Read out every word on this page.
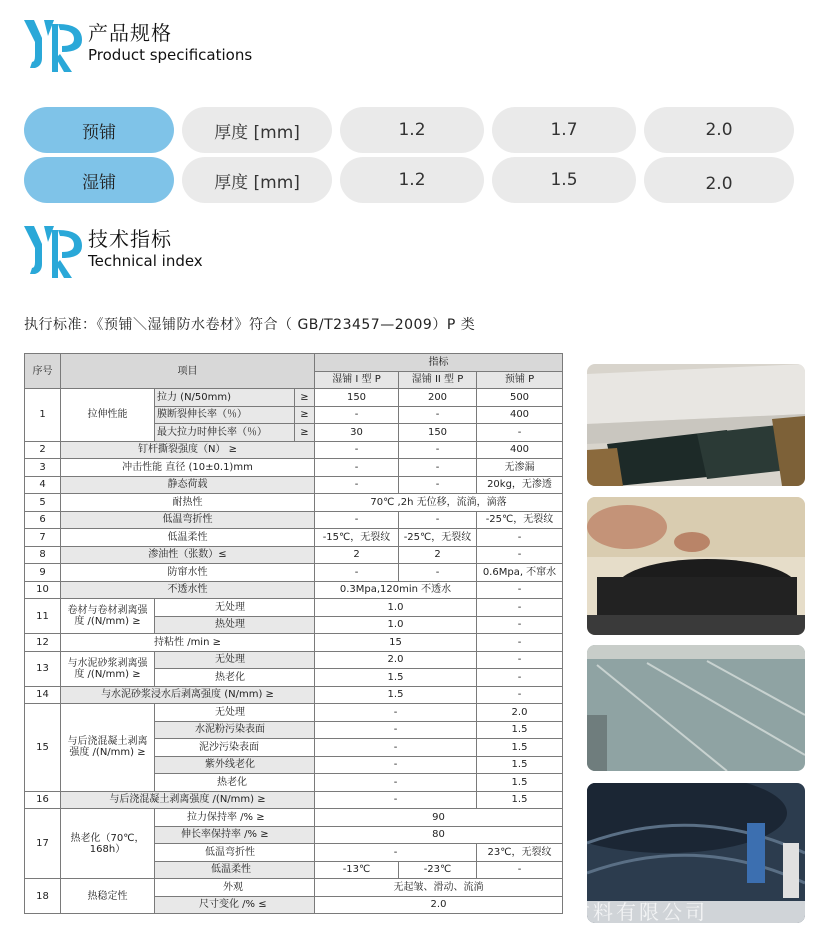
产品规格
Product specifications
预铺	厚度 [mm]	1.2	1.7	2.0
湿铺	厚度 [mm]	1.2	1.5	2.0
技术指标
Technical index
执行标准：《预铺＼湿铺防水卷材》符合（ GB/T23457—2009）P 类
序号	项目			指标		
				湿铺 I 型 P	湿铺 II 型 P	预铺 P
1	拉伸性能	拉力 (N/50mm)	≥	150	200	500
		膜断裂伸长率（％）	≥	-	-	400
		最大拉力时伸长率（％）	≥	30	150	-
2	钉杆撕裂强度（N） ≥			-	-	400
3	冲击性能 直径 (10±0.1)mm			-	-	无渗漏
4	静态荷载			-	-	20kg，无渗透
5	耐热性			70℃ ,2h 无位移，流淌，滴落		
6	低温弯折性			-	-	-25℃，无裂纹
7	低温柔性			-15℃，无裂纹	-25℃，无裂纹	-
8	渗油性（张数）≤			2	2	-
9	防窜水性			-	-	0.6Mpa, 不窜水
10	不透水性			0.3Mpa,120min 不透水		-
11	卷材与卷材剥离强度 /(N/mm) ≥	无处理		1.0		-
		热处理		1.0		-
12	持粘性 /min ≥			15		-
13	与水泥砂浆剥离强度 /(N/mm) ≥	无处理		2.0		-
		热老化		1.5		-
14	与水泥砂浆浸水后剥离强度 (N/mm) ≥			1.5		-
15	与后浇混凝土剥离强度 /(N/mm) ≥	无处理		-		2.0
		水泥粉污染表面		-		1.5
		泥沙污染表面		-		1.5
		紫外线老化		-		1.5
		热老化		-		1.5
16	与后浇混凝土剥离强度 /(N/mm) ≥			-		1.5
17	热老化（70℃，168h）	拉力保持率 /% ≥		90		
		伸长率保持率 /% ≥		80		
		低温弯折性		-		23℃，无裂纹
		低温柔性		-13℃	-23℃	-
18	热稳定性	外观		无起皱、滑动、流淌		
		尺寸变化 /% ≤		2.0			材料有限公司
